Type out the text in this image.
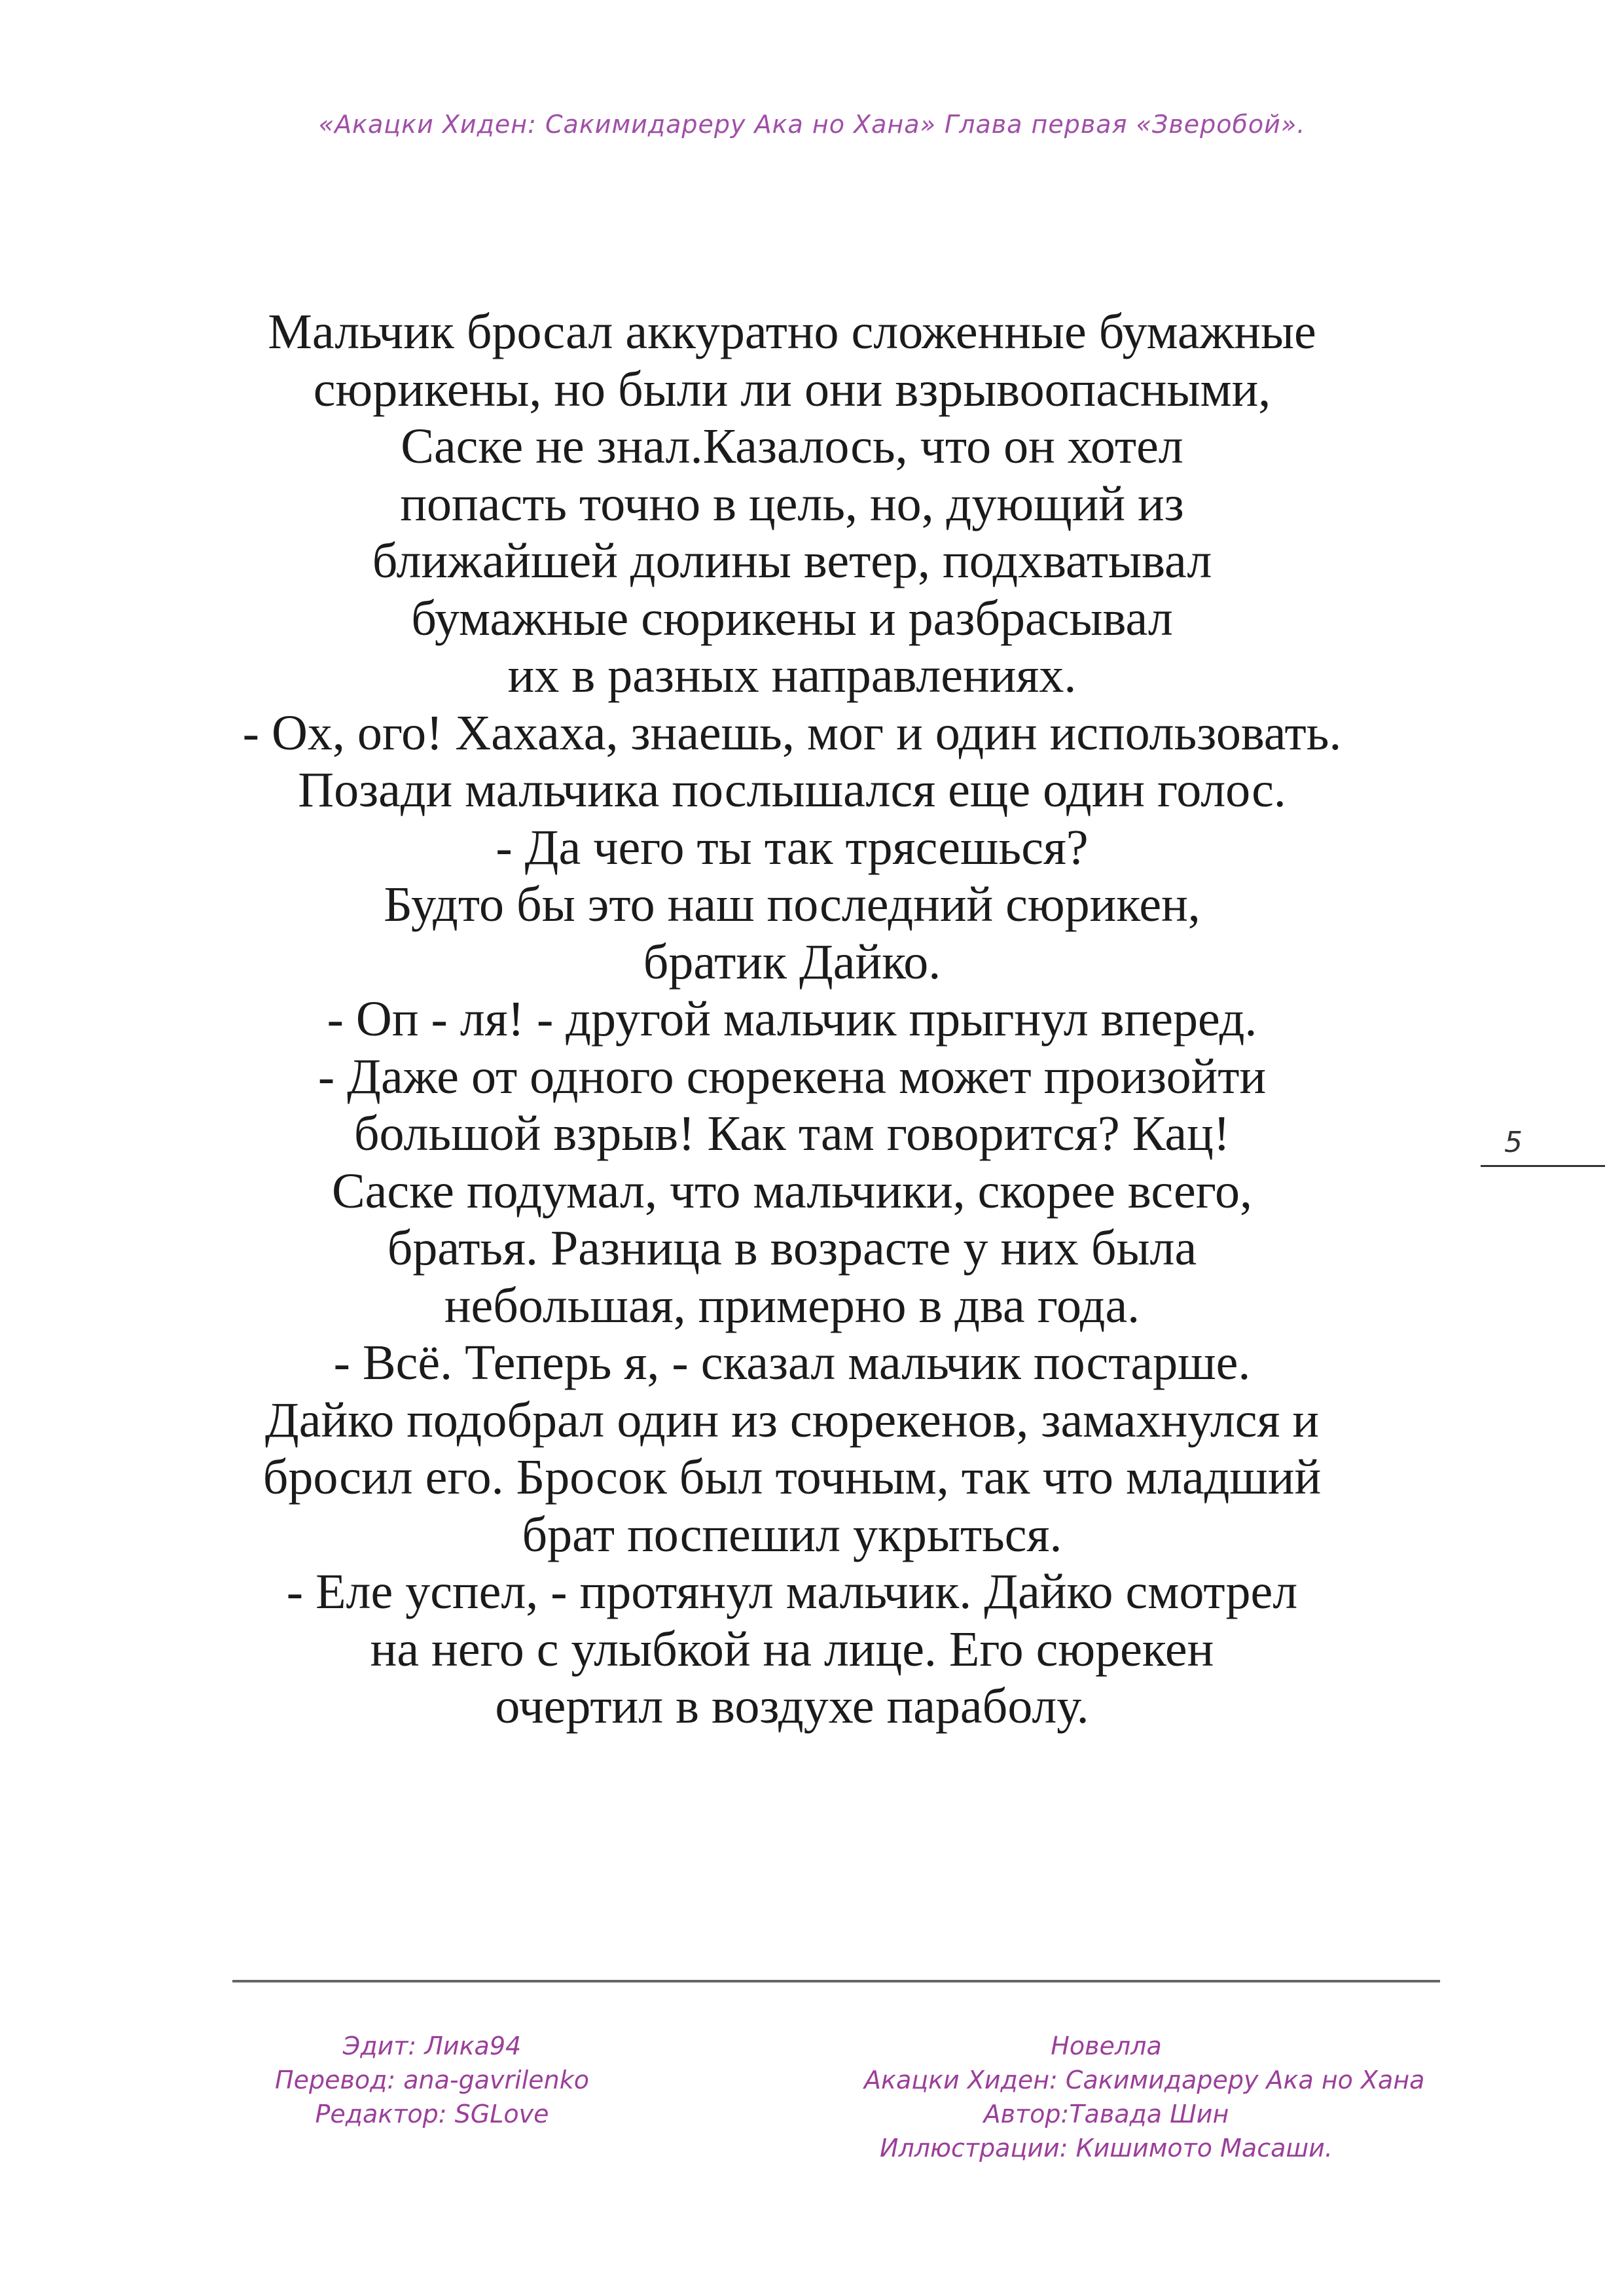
«Акацки Хиден: Сакимидареру Ака но Хана» Глава первая «Зверобой».
Мальчик бросал аккуратно сложенные бумажные
сюрикены, но были ли они взрывоопасными,
Саске не знал.Казалось, что он хотел
попасть точно в цель, но, дующий из
ближайшей долины ветер, подхватывал
бумажные сюрикены и разбрасывал
их в разных направлениях.
- Ох, ого! Хахаха, знаешь, мог и один использовать.
Позади мальчика послышался еще один голос.
- Да чего ты так трясешься?
Будто бы это наш последний сюрикен,
братик Дайко.
- Оп - ля! - другой мальчик прыгнул вперед.
- Даже от одного сюрекена может произойти
большой взрыв! Как там говорится? Кац!
Саске подумал, что мальчики, скорее всего,
братья. Разница в возрасте у них была
небольшая, примерно в два года.
- Всё. Теперь я, - сказал мальчик постарше.
Дайко подобрал один из сюрекенов, замахнулся и
бросил его. Бросок был точным, так что младший
брат поспешил укрыться.
- Еле успел, - протянул мальчик. Дайко смотрел
на него с улыбкой на лице. Его сюрекен
очертил в воздухе параболу.
5
Эдит: Лика94
Перевод: ana-gavrilenko
Редактор: SGLove
Новелла
Акацки Хиден: Сакимидареру Ака но Хана
Автор:Тавада Шин
Иллюстрации: Кишимото Масаши.
